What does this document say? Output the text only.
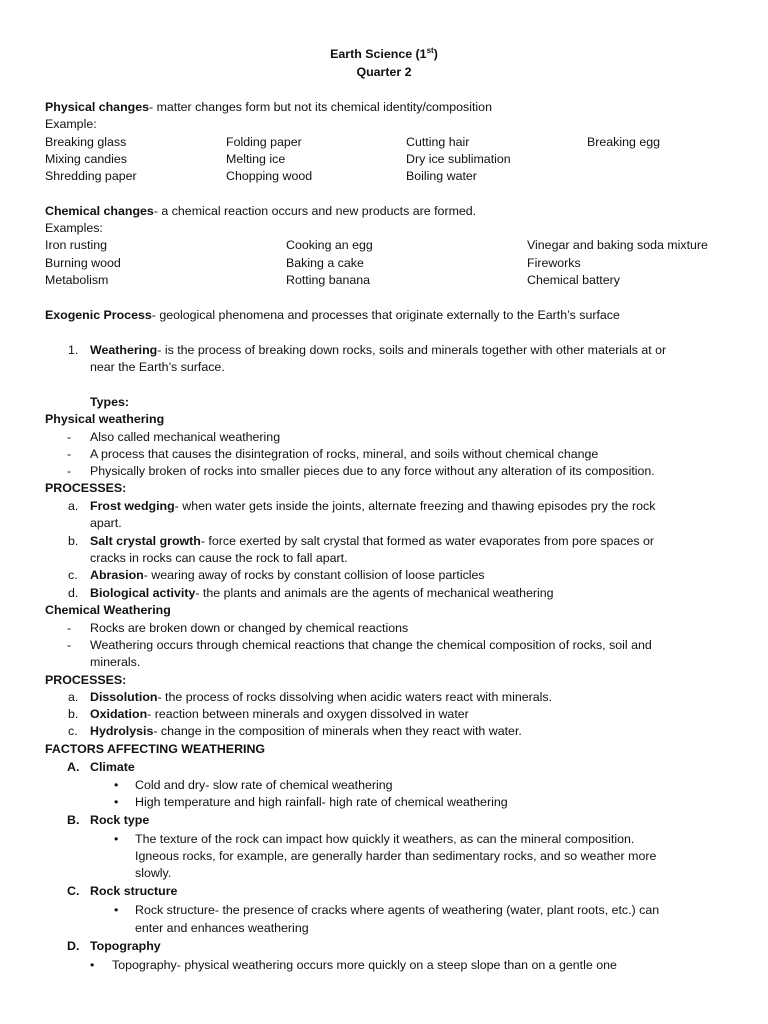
Earth Science (1st)
Quarter 2
Physical changes- matter changes form but not its chemical identity/composition
Example:
Breaking glass	Folding paper	Cutting hair	Breaking egg
Mixing candies	Melting ice	Dry ice sublimation
Shredding paper	Chopping wood	Boiling water
Chemical changes- a chemical reaction occurs and new products are formed.
Examples:
Iron rusting	Cooking an egg	Vinegar and baking soda mixture
Burning wood	Baking a cake	Fireworks
Metabolism	Rotting banana	Chemical battery
Exogenic Process- geological phenomena and processes that originate externally to the Earth’s surface
1. Weathering- is the process of breaking down rocks, soils and minerals together with other materials at or
near the Earth’s surface.
Types:
Physical weathering
- Also called mechanical weathering
- A process that causes the disintegration of rocks, mineral, and soils without chemical change
- Physically broken of rocks into smaller pieces due to any force without any alteration of its composition.
PROCESSES:
a. Frost wedging- when water gets inside the joints, alternate freezing and thawing episodes pry the rock
apart.
b. Salt crystal growth- force exerted by salt crystal that formed as water evaporates from pore spaces or
cracks in rocks can cause the rock to fall apart.
c. Abrasion- wearing away of rocks by constant collision of loose particles
d. Biological activity- the plants and animals are the agents of mechanical weathering
Chemical Weathering
- Rocks are broken down or changed by chemical reactions
- Weathering occurs through chemical reactions that change the chemical composition of rocks, soil and
minerals.
PROCESSES:
a. Dissolution- the process of rocks dissolving when acidic waters react with minerals.
b. Oxidation- reaction between minerals and oxygen dissolved in water
c. Hydrolysis- change in the composition of minerals when they react with water.
FACTORS AFFECTING WEATHERING
A. Climate
• Cold and dry- slow rate of chemical weathering
• High temperature and high rainfall- high rate of chemical weathering
B. Rock type
• The texture of the rock can impact how quickly it weathers, as can the mineral composition.
Igneous rocks, for example, are generally harder than sedimentary rocks, and so weather more
slowly.
C. Rock structure
• Rock structure- the presence of cracks where agents of weathering (water, plant roots, etc.) can
enter and enhances weathering
D. Topography
• Topography- physical weathering occurs more quickly on a steep slope than on a gentle one
